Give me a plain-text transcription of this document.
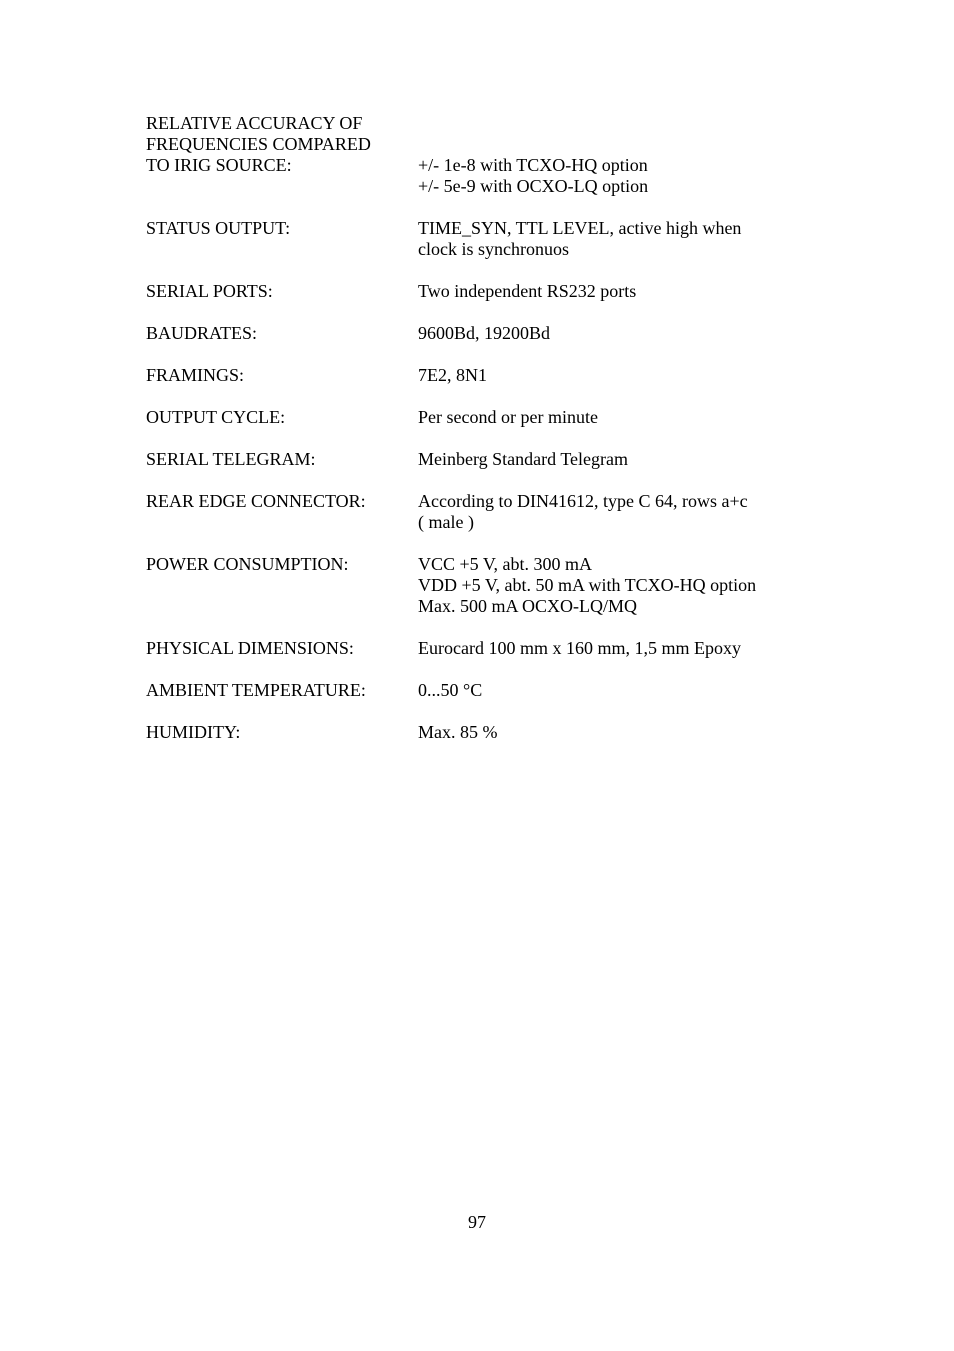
RELATIVE ACCURACY OF
FREQUENCIES COMPARED
TO IRIG SOURCE:	+/- 1e-8 with TCXO-HQ option
+/- 5e-9 with OCXO-LQ option
STATUS OUTPUT:	TIME_SYN, TTL LEVEL, active high when
clock is synchronuos
SERIAL PORTS:	Two independent RS232 ports
BAUDRATES:	9600Bd, 19200Bd
FRAMINGS:	7E2, 8N1
OUTPUT CYCLE:	Per second or per minute
SERIAL TELEGRAM:	Meinberg Standard Telegram
REAR EDGE CONNECTOR:	According to DIN41612, type C 64, rows a+c
( male )
POWER CONSUMPTION:	VCC +5 V, abt. 300 mA
VDD +5 V, abt. 50 mA with TCXO-HQ option
Max. 500 mA OCXO-LQ/MQ
PHYSICAL DIMENSIONS:	Eurocard 100 mm x 160 mm, 1,5 mm Epoxy
AMBIENT TEMPERATURE:	0...50 °C
HUMIDITY:	Max. 85 %
97
